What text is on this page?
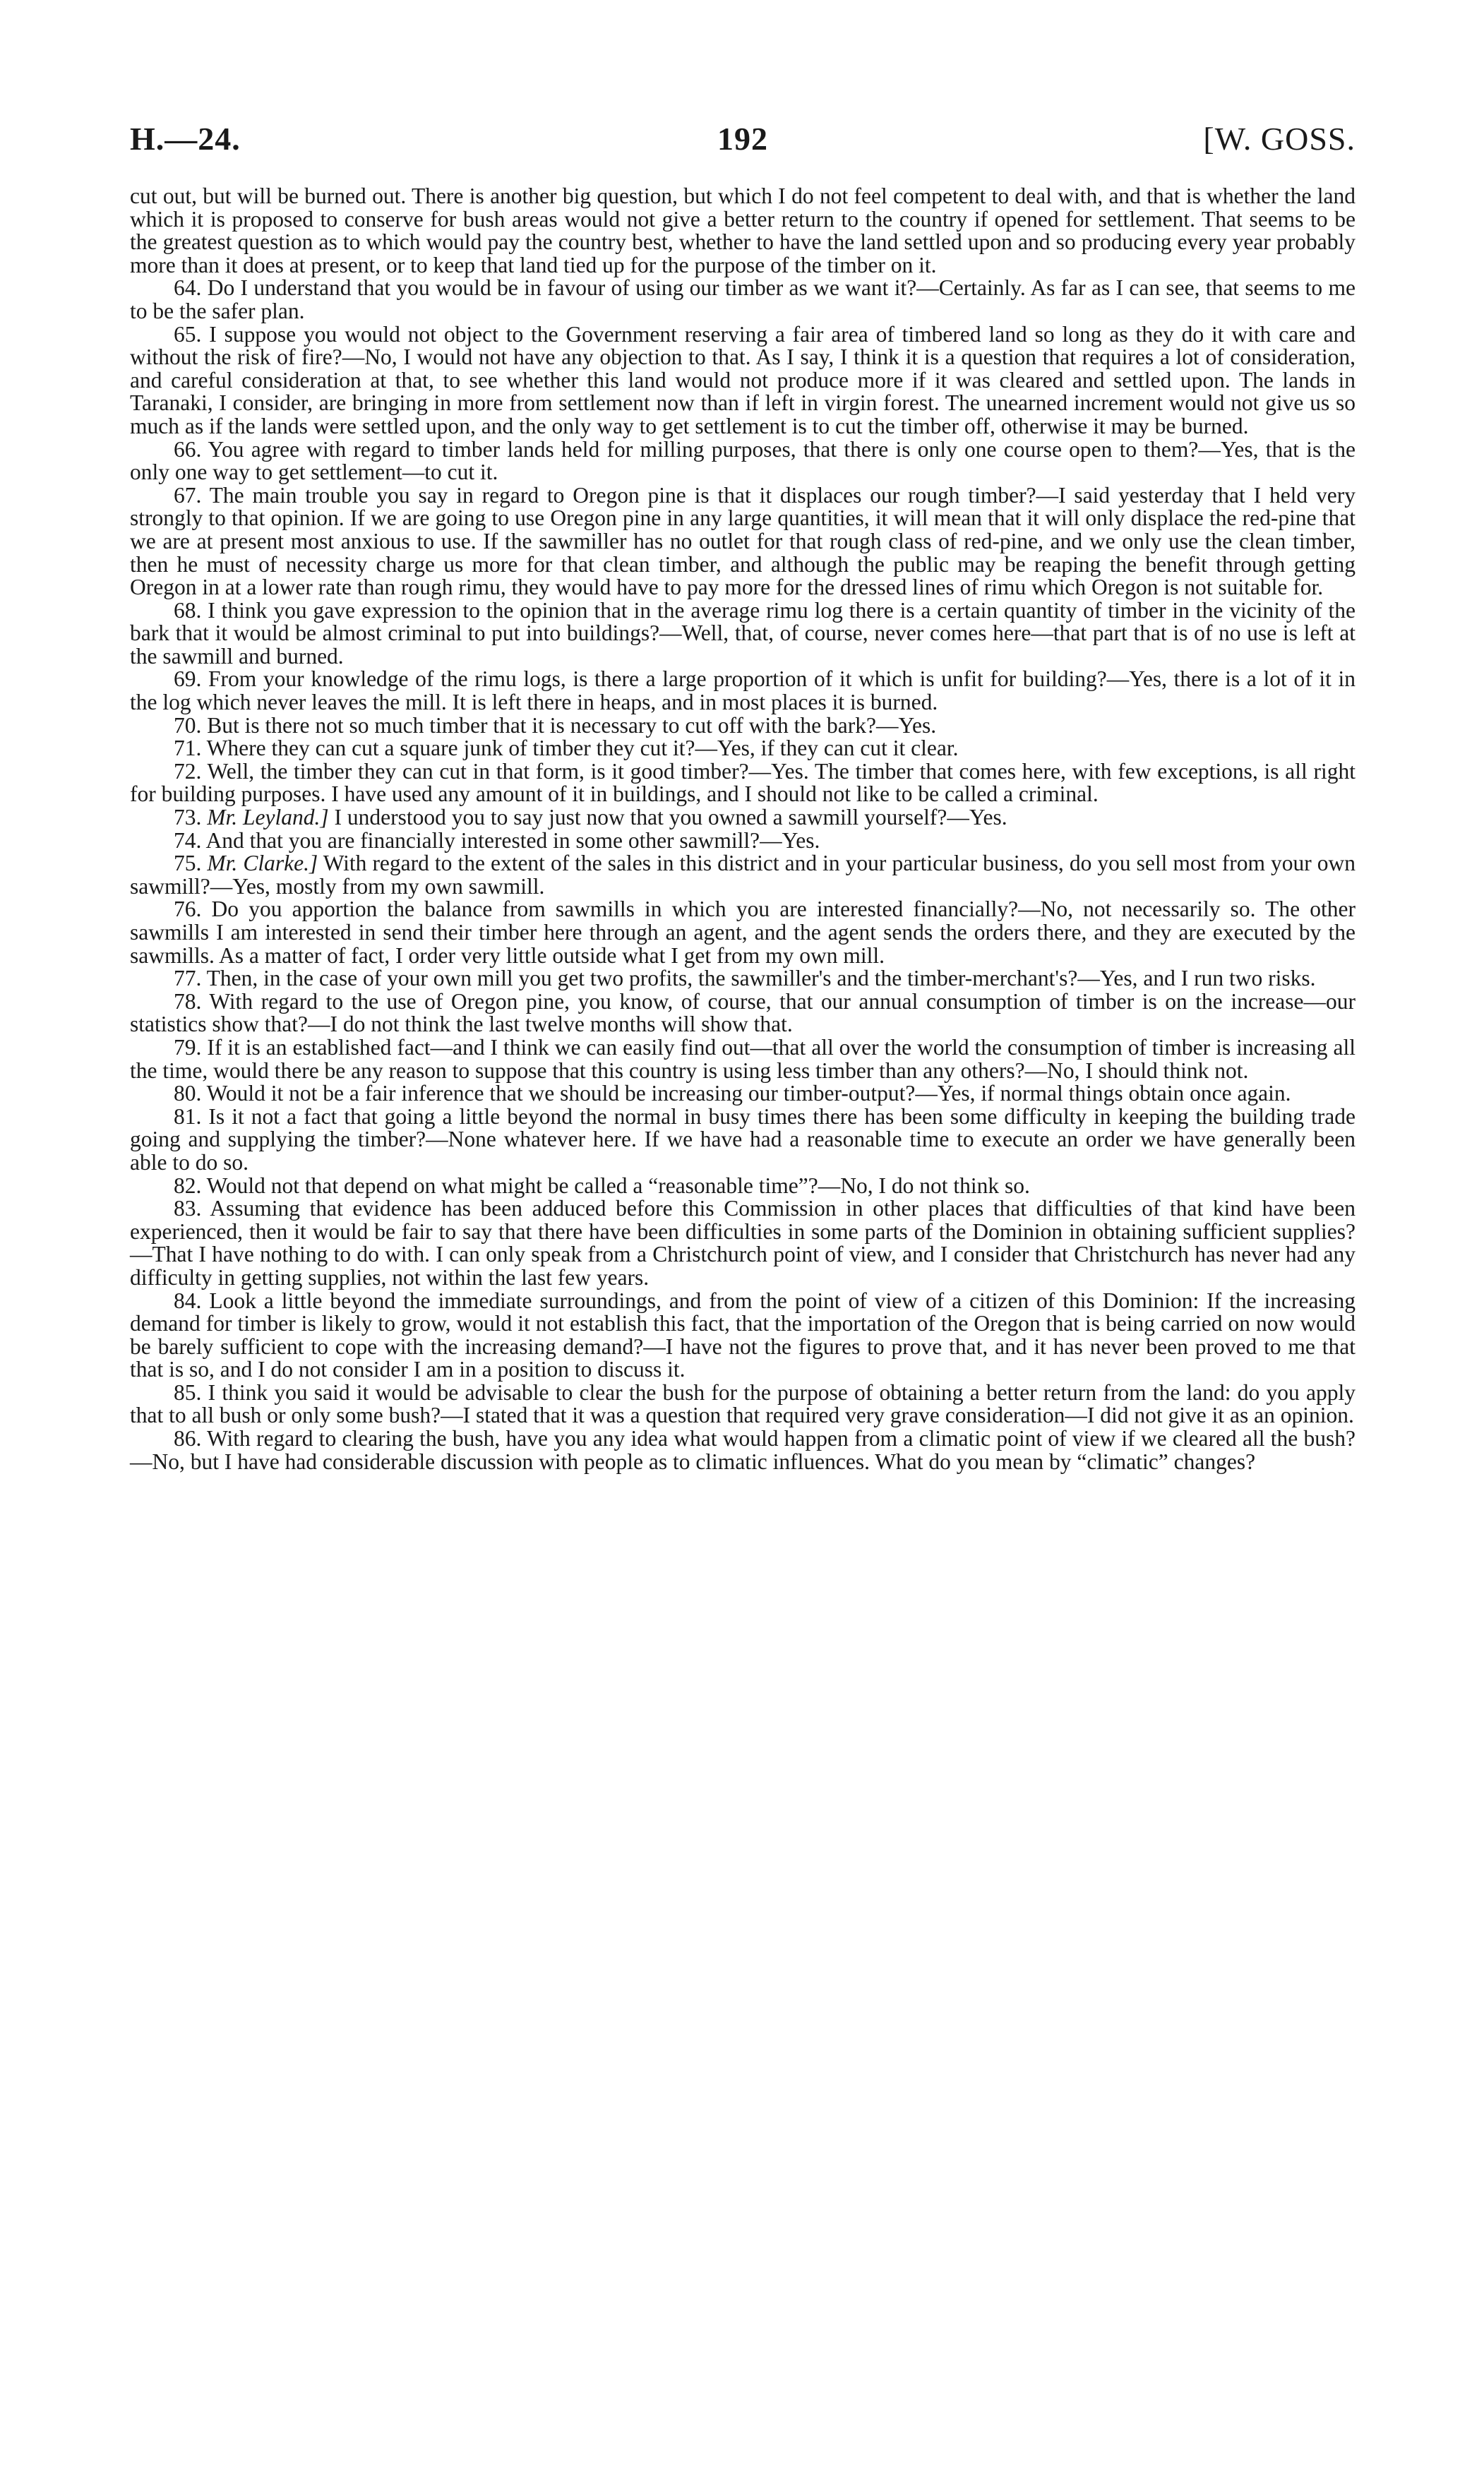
H.—24.	192	[W. GOSS.

cut out, but will be burned out. There is another big question, but which I do not feel competent to deal with, and that is whether the land which it is proposed to conserve for bush areas would not give a better return to the country if opened for settlement. That seems to be the greatest question as to which would pay the country best, whether to have the land settled upon and so producing every year probably more than it does at present, or to keep that land tied up for the purpose of the timber on it.

64. Do I understand that you would be in favour of using our timber as we want it?—Certainly. As far as I can see, that seems to me to be the safer plan.

65. I suppose you would not object to the Government reserving a fair area of timbered land so long as they do it with care and without the risk of fire?—No, I would not have any objection to that. As I say, I think it is a question that requires a lot of consideration, and careful consideration at that, to see whether this land would not produce more if it was cleared and settled upon. The lands in Taranaki, I consider, are bringing in more from settlement now than if left in virgin forest. The unearned increment would not give us so much as if the lands were settled upon, and the only way to get settlement is to cut the timber off, otherwise it may be burned.

66. You agree with regard to timber lands held for milling purposes, that there is only one course open to them?—Yes, that is the only one way to get settlement—to cut it.

67. The main trouble you say in regard to Oregon pine is that it displaces our rough timber?—I said yesterday that I held very strongly to that opinion. If we are going to use Oregon pine in any large quantities, it will mean that it will only displace the red-pine that we are at present most anxious to use. If the sawmiller has no outlet for that rough class of red-pine, and we only use the clean timber, then he must of necessity charge us more for that clean timber, and although the public may be reaping the benefit through getting Oregon in at a lower rate than rough rimu, they would have to pay more for the dressed lines of rimu which Oregon is not suitable for.

68. I think you gave expression to the opinion that in the average rimu log there is a certain quantity of timber in the vicinity of the bark that it would be almost criminal to put into buildings?—Well, that, of course, never comes here—that part that is of no use is left at the sawmill and burned.

69. From your knowledge of the rimu logs, is there a large proportion of it which is unfit for building?—Yes, there is a lot of it in the log which never leaves the mill. It is left there in heaps, and in most places it is burned.

70. But is there not so much timber that it is necessary to cut off with the bark?—Yes.

71. Where they can cut a square junk of timber they cut it?—Yes, if they can cut it clear.

72. Well, the timber they can cut in that form, is it good timber?—Yes. The timber that comes here, with few exceptions, is all right for building purposes. I have used any amount of it in buildings, and I should not like to be called a criminal.

73. Mr. Leyland.] I understood you to say just now that you owned a sawmill yourself?—Yes.

74. And that you are financially interested in some other sawmill?—Yes.

75. Mr. Clarke.] With regard to the extent of the sales in this district and in your particular business, do you sell most from your own sawmill?—Yes, mostly from my own sawmill.

76. Do you apportion the balance from sawmills in which you are interested financially?—No, not necessarily so. The other sawmills I am interested in send their timber here through an agent, and the agent sends the orders there, and they are executed by the sawmills. As a matter of fact, I order very little outside what I get from my own mill.

77. Then, in the case of your own mill you get two profits, the sawmiller's and the timber-merchant's?—Yes, and I run two risks.

78. With regard to the use of Oregon pine, you know, of course, that our annual consumption of timber is on the increase—our statistics show that?—I do not think the last twelve months will show that.

79. If it is an established fact—and I think we can easily find out—that all over the world the consumption of timber is increasing all the time, would there be any reason to suppose that this country is using less timber than any others?—No, I should think not.

80. Would it not be a fair inference that we should be increasing our timber-output?—Yes, if normal things obtain once again.

81. Is it not a fact that going a little beyond the normal in busy times there has been some difficulty in keeping the building trade going and supplying the timber?—None whatever here. If we have had a reasonable time to execute an order we have generally been able to do so.

82. Would not that depend on what might be called a “reasonable time”?—No, I do not think so.

83. Assuming that evidence has been adduced before this Commission in other places that difficulties of that kind have been experienced, then it would be fair to say that there have been difficulties in some parts of the Dominion in obtaining sufficient supplies?—That I have nothing to do with. I can only speak from a Christchurch point of view, and I consider that Christchurch has never had any difficulty in getting supplies, not within the last few years.

84. Look a little beyond the immediate surroundings, and from the point of view of a citizen of this Dominion: If the increasing demand for timber is likely to grow, would it not establish this fact, that the importation of the Oregon that is being carried on now would be barely sufficient to cope with the increasing demand?—I have not the figures to prove that, and it has never been proved to me that that is so, and I do not consider I am in a position to discuss it.

85. I think you said it would be advisable to clear the bush for the purpose of obtaining a better return from the land: do you apply that to all bush or only some bush?—I stated that it was a question that required very grave consideration—I did not give it as an opinion.

86. With regard to clearing the bush, have you any idea what would happen from a climatic point of view if we cleared all the bush?—No, but I have had considerable discussion with people as to climatic influences. What do you mean by “climatic” changes?
